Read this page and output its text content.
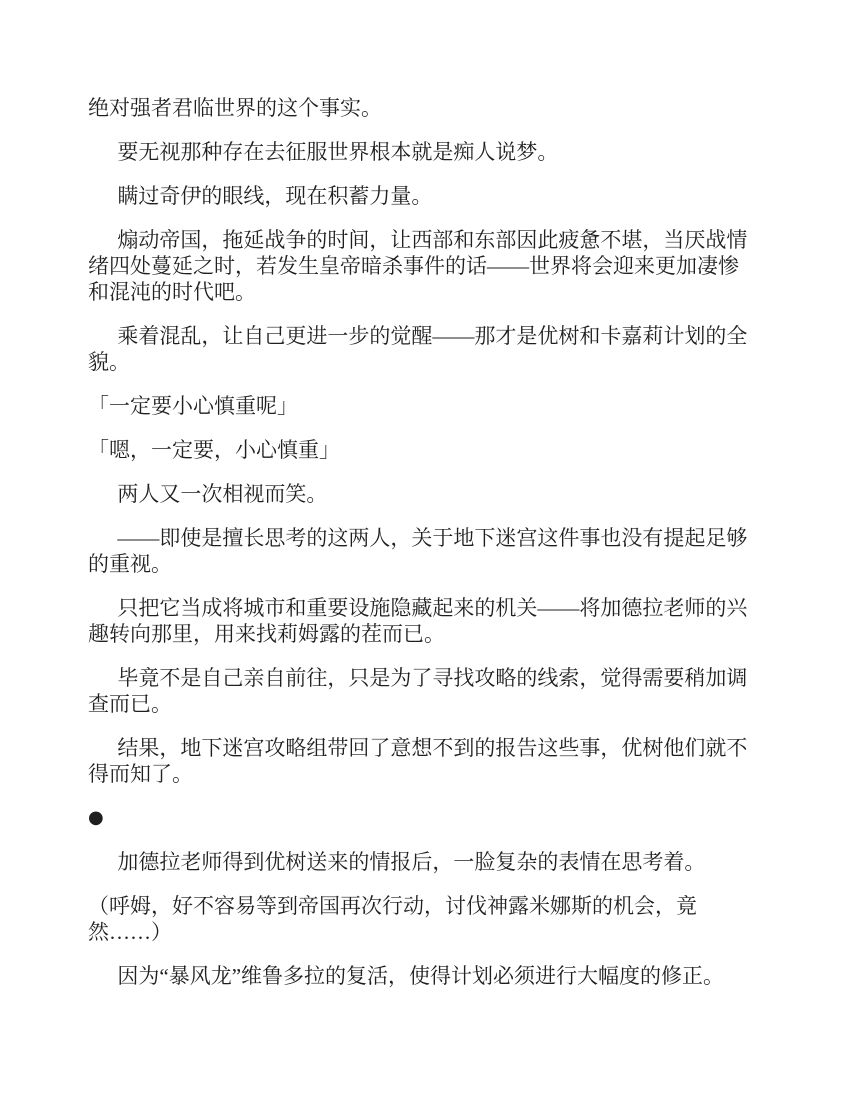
绝对强者君临世界的这个事实。

要无视那种存在去征服世界根本就是痴人说梦。

瞒过奇伊的眼线，现在积蓄力量。

煽动帝国，拖延战争的时间，让西部和东部因此疲惫不堪，当厌战情绪四处蔓延之时，若发生皇帝暗杀事件的话——世界将会迎来更加凄惨和混沌的时代吧。

乘着混乱，让自己更进一步的觉醒——那才是优树和卡嘉莉计划的全貌。

「一定要小心慎重呢」

「嗯，一定要，小心慎重」

两人又一次相视而笑。

——即使是擅长思考的这两人，关于地下迷宫这件事也没有提起足够的重视。

只把它当成将城市和重要设施隐藏起来的机关——将加德拉老师的兴趣转向那里，用来找莉姆露的茬而已。

毕竟不是自己亲自前往，只是为了寻找攻略的线索，觉得需要稍加调查而已。

结果，地下迷宫攻略组带回了意想不到的报告这些事，优树他们就不得而知了。

●

加德拉老师得到优树送来的情报后，一脸复杂的表情在思考着。

（呼姆，好不容易等到帝国再次行动，讨伐神露米娜斯的机会，竟然……）

因为“暴风龙”维鲁多拉的复活，使得计划必须进行大幅度的修正。
